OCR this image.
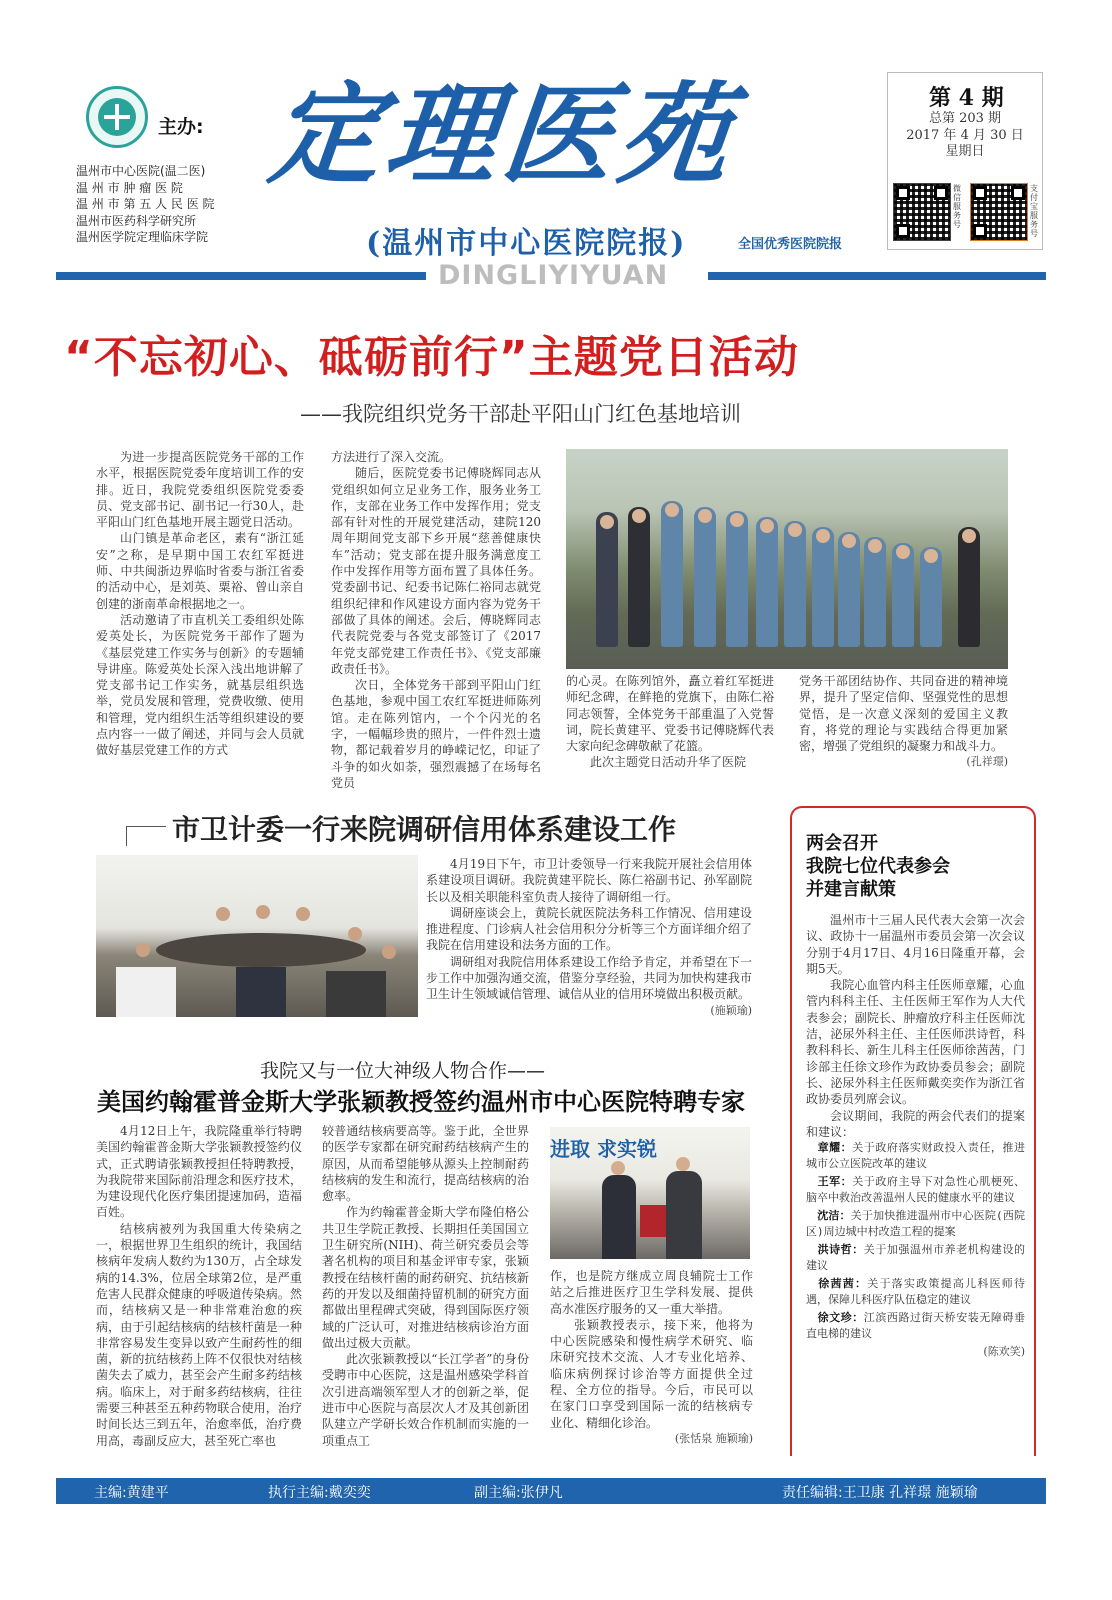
主办:
温州市中心医院(温二医)
温 州 市 肿 瘤 医 院
温 州 市 第 五 人 民 医 院
温州市医药科学研究所
温州医学院定理临床学院
定理医苑
(温州市中心医院院报)	全国优秀医院院报
DINGLIYIYUAN
第 4 期
总第 203 期
2017 年 4 月 30 日
星期日
微信服务号
支付宝服务号
“不忘初心、砥砺前行”主题党日活动
——我院组织党务干部赴平阳山门红色基地培训

为进一步提高医院党务干部的工作水平，根据医院党委年度培训工作的安排。近日，我院党委组织医院党委委员、党支部书记、副书记一行30人，赴平阳山门红色基地开展主题党日活动。

山门镇是革命老区，素有“浙江延安”之称，是早期中国工农红军挺进师、中共闽浙边界临时省委与浙江省委的活动中心，是刘英、粟裕、曾山亲自创建的浙南革命根据地之一。

活动邀请了市直机关工委组织处陈爱英处长，为医院党务干部作了题为《基层党建工作实务与创新》的专题辅导讲座。陈爱英处长深入浅出地讲解了党支部书记工作实务，就基层组织选举，党员发展和管理，党费收缴、使用和管理，党内组织生活等组织建设的要点内容一一做了阐述，并同与会人员就做好基层党建工作的方式

方法进行了深入交流。

随后，医院党委书记傅晓辉同志从党组织如何立足业务工作，服务业务工作，支部在业务工作中发挥作用；党支部有针对性的开展党建活动，建院120周年期间党支部下乡开展“慈善健康快车”活动；党支部在提升服务满意度工作中发挥作用等方面布置了具体任务。党委副书记、纪委书记陈仁裕同志就党组织纪律和作风建设方面内容为党务干部做了具体的阐述。会后，傅晓辉同志代表院党委与各党支部签订了《2017年党支部党建工作责任书》、《党支部廉政责任书》。

次日，全体党务干部到平阳山门红色基地，参观中国工农红军挺进师陈列馆。走在陈列馆内，一个个闪光的名字，一幅幅珍贵的照片，一件件烈士遗物，都记载着岁月的峥嵘记忆，印证了斗争的如火如荼，强烈震撼了在场每名党员

的心灵。在陈列馆外，矗立着红军挺进师纪念碑，在鲜艳的党旗下，由陈仁裕同志领誓，全体党务干部重温了入党誓词，院长黄建平、党委书记傅晓辉代表大家向纪念碑敬献了花篮。

此次主题党日活动升华了医院

党务干部团结协作、共同奋进的精神境界，提升了坚定信仰、坚强党性的思想觉悟，是一次意义深刻的爱国主义教育，将党的理论与实践结合得更加紧密，增强了党组织的凝聚力和战斗力。

(孔祥璟)
市卫计委一行来院调研信用体系建设工作

4月19日下午，市卫计委领导一行来我院开展社会信用体系建设项目调研。我院黄建平院长、陈仁裕副书记、孙军副院长以及相关职能科室负责人接待了调研组一行。

调研座谈会上，黄院长就医院法务科工作情况、信用建设推进程度、门诊病人社会信用积分分析等三个方面详细介绍了我院在信用建设和法务方面的工作。

调研组对我院信用体系建设工作给予肯定，并希望在下一步工作中加强沟通交流，借鉴分享经验，共同为加快构建我市卫生计生领域诚信管理、诚信从业的信用环境做出积极贡献。

(施颖瑜)
两会召开
我院七位代表参会
并建言献策

温州市十三届人民代表大会第一次会议、政协十一届温州市委员会第一次会议分别于4月17日、4月16日隆重开幕，会期5天。

我院心血管内科主任医师章耀，心血管内科科主任、主任医师王军作为人大代表参会；副院长、肿瘤放疗科主任医师沈洁，泌尿外科主任、主任医师洪诗哲，科教科科长、新生儿科主任医师徐茜茜，门诊部主任徐文珍作为政协委员参会；副院长、泌尿外科主任医师戴奕奕作为浙江省政协委员列席会议。

会议期间，我院的两会代表们的提案和建议：

　章耀：关于政府落实财政投入责任，推进城市公立医院改革的建议
　王军：关于政府主导下对急性心肌梗死、脑卒中救治改善温州人民的健康水平的建议
　沈洁：关于加快推进温州市中心医院(西院区)周边城中村改造工程的提案
　洪诗哲：关于加强温州市养老机构建设的建议
　徐茜茜：关于落实政策提高儿科医师待遇，保障儿科医疗队伍稳定的建议
　徐文珍：江滨西路过街天桥安装无障碍垂直电梯的建议
(陈欢笑)
我院又与一位大神级人物合作——
美国约翰霍普金斯大学张颖教授签约温州市中心医院特聘专家

4月12日上午，我院隆重举行特聘美国约翰霍普金斯大学张颖教授签约仪式，正式聘请张颖教授担任特聘教授，为我院带来国际前沿理念和医疗技术，为建设现代化医疗集团提速加码，造福百姓。

结核病被列为我国重大传染病之一，根据世界卫生组织的统计，我国结核病年发病人数约为130万，占全球发病的14.3%，位居全球第2位，是严重危害人民群众健康的呼吸道传染病。然而，结核病又是一种非常难治愈的疾病，由于引起结核病的结核杆菌是一种非常容易发生变异以致产生耐药性的细菌，新的抗结核药上阵不仅很快对结核菌失去了威力，甚至会产生耐多药结核病。临床上，对于耐多药结核病，往往需要三种甚至五种药物联合使用，治疗时间长达三到五年，治愈率低，治疗费用高，毒副反应大，甚至死亡率也

较普通结核病要高等。鉴于此，全世界的医学专家都在研究耐药结核病产生的原因，从而希望能够从源头上控制耐药结核病的发生和流行，提高结核病的治愈率。

作为约翰霍普金斯大学布隆伯格公共卫生学院正教授、长期担任美国国立卫生研究所(NIH)、荷兰研究委员会等著名机构的项目和基金评审专家，张颖教授在结核杆菌的耐药研究、抗结核新药的开发以及细菌持留机制的研究方面都做出里程碑式突破，得到国际医疗领域的广泛认可，对推进结核病诊治方面做出过极大贡献。

此次张颖教授以“长江学者”的身份受聘市中心医院，这是温州感染学科首次引进高端领军型人才的创新之举，促进市中心医院与高层次人才及其创新团队建立产学研长效合作机制而实施的一项重点工

进取 求实锐

作，也是院方继成立周良辅院士工作站之后推进医疗卫生学科发展、提供高水准医疗服务的又一重大举措。

张颖教授表示，接下来，他将为中心医院感染和慢性病学术研究、临床研究技术交流、人才专业化培养、临床病例探讨诊治等方面提供全过程、全方位的指导。今后，市民可以在家门口享受到国际一流的结核病专业化、精细化诊治。

(张恬泉 施颖瑜)
主编:黄建平	执行主编:戴奕奕	副主编:张伊凡	责任编辑:王卫康 孔祥璟 施颖瑜
